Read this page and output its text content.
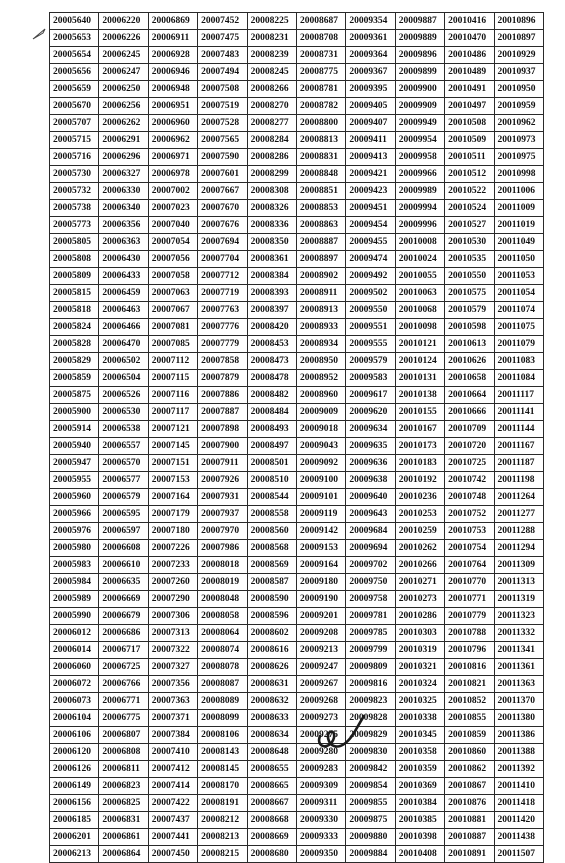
20005640	20006220	20006869	20007452	20008225	20008687	20009354	20009887	20010416	20010896
20005653	20006226	20006911	20007475	20008231	20008708	20009361	20009889	20010470	20010897
20005654	20006245	20006928	20007483	20008239	20008731	20009364	20009896	20010486	20010929
20005656	20006247	20006946	20007494	20008245	20008775	20009367	20009899	20010489	20010937
20005659	20006250	20006948	20007508	20008266	20008781	20009395	20009900	20010491	20010950
20005670	20006256	20006951	20007519	20008270	20008782	20009405	20009909	20010497	20010959
20005707	20006262	20006960	20007528	20008277	20008800	20009407	20009949	20010508	20010962
20005715	20006291	20006962	20007565	20008284	20008813	20009411	20009954	20010509	20010973
20005716	20006296	20006971	20007590	20008286	20008831	20009413	20009958	20010511	20010975
20005730	20006327	20006978	20007601	20008299	20008848	20009421	20009966	20010512	20010998
20005732	20006330	20007002	20007667	20008308	20008851	20009423	20009989	20010522	20011006
20005738	20006340	20007023	20007670	20008326	20008853	20009451	20009994	20010524	20011009
20005773	20006356	20007040	20007676	20008336	20008863	20009454	20009996	20010527	20011019
20005805	20006363	20007054	20007694	20008350	20008887	20009455	20010008	20010530	20011049
20005808	20006430	20007056	20007704	20008361	20008897	20009474	20010024	20010535	20011050
20005809	20006433	20007058	20007712	20008384	20008902	20009492	20010055	20010550	20011053
20005815	20006459	20007063	20007719	20008393	20008911	20009502	20010063	20010575	20011054
20005818	20006463	20007067	20007763	20008397	20008913	20009550	20010068	20010579	20011074
20005824	20006466	20007081	20007776	20008420	20008933	20009551	20010098	20010598	20011075
20005828	20006470	20007085	20007779	20008453	20008934	20009555	20010121	20010613	20011079
20005829	20006502	20007112	20007858	20008473	20008950	20009579	20010124	20010626	20011083
20005859	20006504	20007115	20007879	20008478	20008952	20009583	20010131	20010658	20011084
20005875	20006526	20007116	20007886	20008482	20008960	20009617	20010138	20010664	20011117
20005900	20006530	20007117	20007887	20008484	20009009	20009620	20010155	20010666	20011141
20005914	20006538	20007121	20007898	20008493	20009018	20009634	20010167	20010709	20011144
20005940	20006557	20007145	20007900	20008497	20009043	20009635	20010173	20010720	20011167
20005947	20006570	20007151	20007911	20008501	20009092	20009636	20010183	20010725	20011187
20005955	20006577	20007153	20007926	20008510	20009100	20009638	20010192	20010742	20011198
20005960	20006579	20007164	20007931	20008544	20009101	20009640	20010236	20010748	20011264
20005966	20006595	20007179	20007937	20008558	20009119	20009643	20010253	20010752	20011277
20005976	20006597	20007180	20007970	20008560	20009142	20009684	20010259	20010753	20011288
20005980	20006608	20007226	20007986	20008568	20009153	20009694	20010262	20010754	20011294
20005983	20006610	20007233	20008018	20008569	20009164	20009702	20010266	20010764	20011309
20005984	20006635	20007260	20008019	20008587	20009180	20009750	20010271	20010770	20011313
20005989	20006669	20007290	20008048	20008590	20009190	20009758	20010273	20010771	20011319
20005990	20006679	20007306	20008058	20008596	20009201	20009781	20010286	20010779	20011323
20006012	20006686	20007313	20008064	20008602	20009208	20009785	20010303	20010788	20011332
20006014	20006717	20007322	20008074	20008616	20009213	20009799	20010319	20010796	20011341
20006060	20006725	20007327	20008078	20008626	20009247	20009809	20010321	20010816	20011361
20006072	20006766	20007356	20008087	20008631	20009267	20009816	20010324	20010821	20011363
20006073	20006771	20007363	20008089	20008632	20009268	20009823	20010325	20010852	20011370
20006104	20006775	20007371	20008099	20008633	20009273	20009828	20010338	20010855	20011380
20006106	20006807	20007384	20008106	20008634	20009275	20009829	20010345	20010859	20011386
20006120	20006808	20007410	20008143	20008648	20009280	20009830	20010358	20010860	20011388
20006126	20006811	20007412	20008145	20008655	20009283	20009842	20010359	20010862	20011392
20006149	20006823	20007414	20008170	20008665	20009309	20009854	20010369	20010867	20011410
20006156	20006825	20007422	20008191	20008667	20009311	20009855	20010384	20010876	20011418
20006185	20006831	20007437	20008212	20008668	20009330	20009875	20010385	20010881	20011420
20006201	20006861	20007441	20008213	20008669	20009333	20009880	20010398	20010887	20011438
20006213	20006864	20007450	20008215	20008680	20009350	20009884	20010408	20010891	20011507
